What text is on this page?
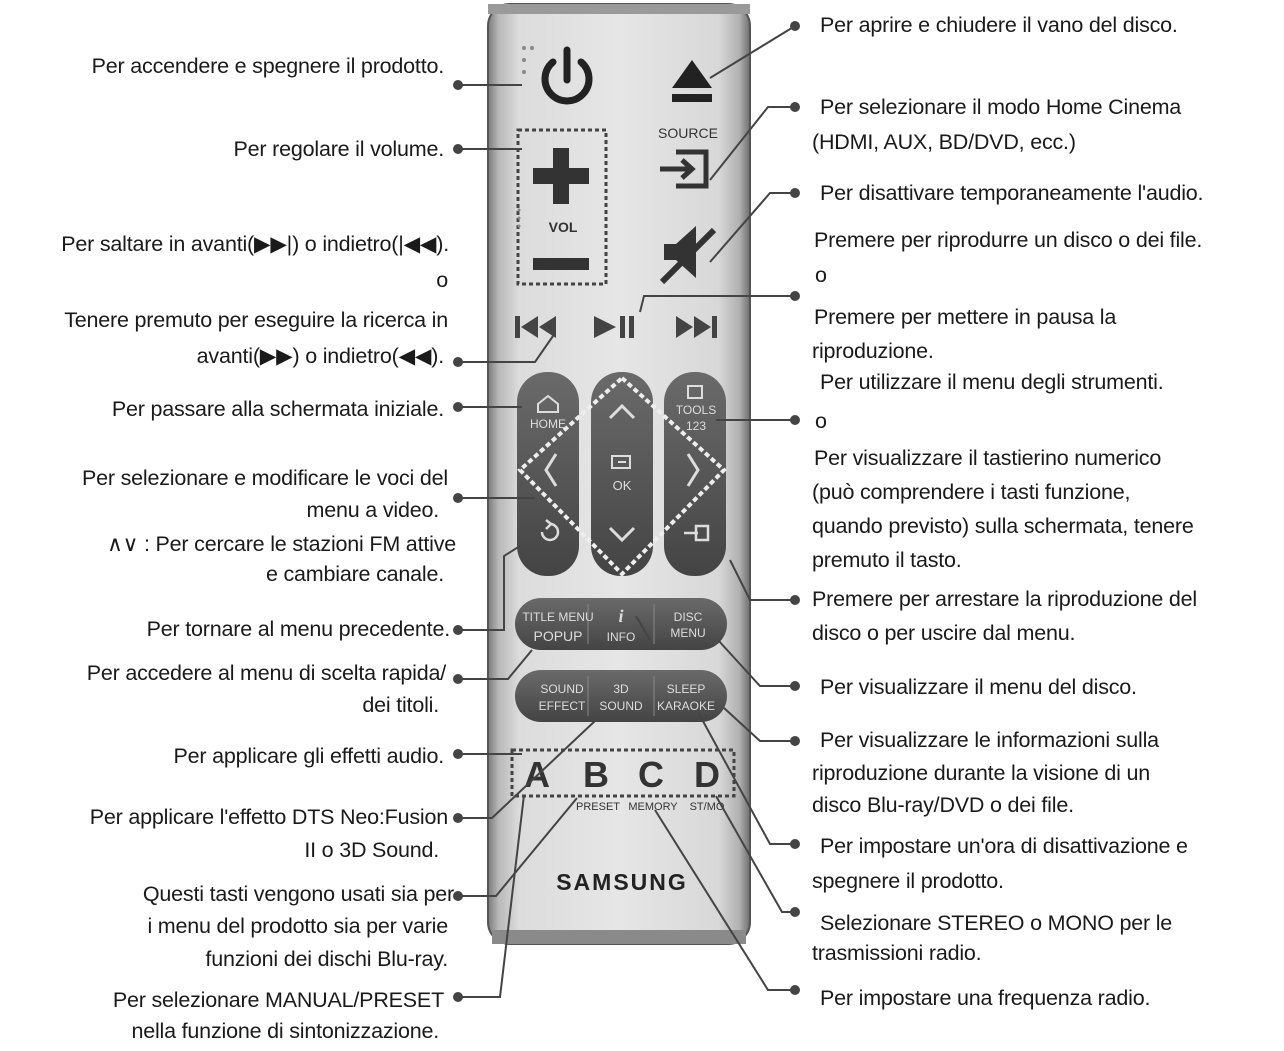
VOL
SOURCE
HOME
TOOLS
123
OK
TITLE MENU
POPUP
i
INFO
DISC
MENU
SOUND
EFFECT
3D
SOUND
SLEEP
KARAOKE
A B C D
PRESET MEMORY ST/MO
SAMSUNG
Per accendere e spegnere il prodotto.
Per regolare il volume.
Per saltare in avanti(▶▶|) o indietro(|◀◀).
o
Tenere premuto per eseguire la ricerca in
avanti(▶▶) o indietro(◀◀).
Per passare alla schermata iniziale.
Per selezionare e modificare le voci del
menu a video.
∧∨ : Per cercare le stazioni FM attive
e cambiare canale.
Per tornare al menu precedente.
Per accedere al menu di scelta rapida/
dei titoli.
Per applicare gli effetti audio.
Per applicare l'effetto DTS Neo:Fusion
II o 3D Sound.
Questi tasti vengono usati sia per
i menu del prodotto sia per varie
funzioni dei dischi Blu-ray.
Per selezionare MANUAL/PRESET
nella funzione di sintonizzazione.
Per aprire e chiudere il vano del disco.
Per selezionare il modo Home Cinema
(HDMI, AUX, BD/DVD, ecc.)
Per disattivare temporaneamente l'audio.
Premere per riprodurre un disco o dei file.
o
Premere per mettere in pausa la
riproduzione.
Per utilizzare il menu degli strumenti.
o
Per visualizzare il tastierino numerico
(può comprendere i tasti funzione,
quando previsto) sulla schermata, tenere
premuto il tasto.
Premere per arrestare la riproduzione del
disco o per uscire dal menu.
Per visualizzare il menu del disco.
Per visualizzare le informazioni sulla
riproduzione durante la visione di un
disco Blu-ray/DVD o dei file.
Per impostare un'ora di disattivazione e
spegnere il prodotto.
Selezionare STEREO o MONO per le
trasmissioni radio.
Per impostare una frequenza radio.
